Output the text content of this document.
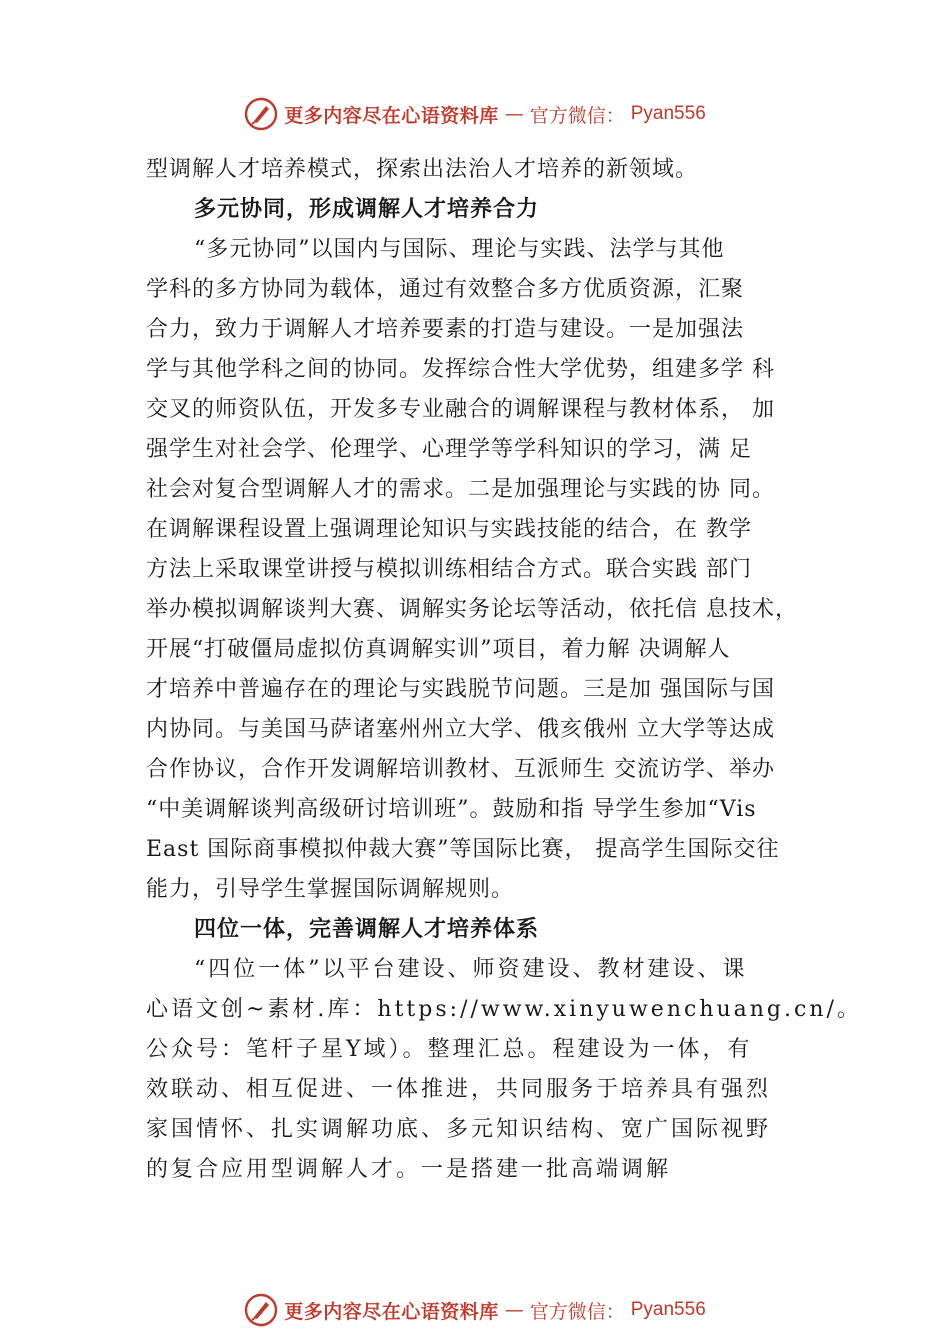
更多内容尽在心语资料库 — 官方微信： Pyan556
型调解人才培养模式，探索出法治人才培养的新领域。
多元协同，形成调解人才培养合力
“多元协同”以国内与国际、理论与实践、法学与其他
学科的多方协同为载体，通过有效整合多方优质资源，汇聚
合力，致力于调解人才培养要素的打造与建设。一是加强法
学与其他学科之间的协同。发挥综合性大学优势，组建多学 科
交叉的师资队伍，开发多专业融合的调解课程与教材体系， 加
强学生对社会学、伦理学、心理学等学科知识的学习，满 足
社会对复合型调解人才的需求。二是加强理论与实践的协 同。
在调解课程设置上强调理论知识与实践技能的结合，在 教学
方法上采取课堂讲授与模拟训练相结合方式。联合实践 部门
举办模拟调解谈判大赛、调解实务论坛等活动，依托信 息技术，
开展“打破僵局虚拟仿真调解实训”项目，着力解 决调解人
才培养中普遍存在的理论与实践脱节问题。三是加 强国际与国
内协同。与美国马萨诸塞州州立大学、俄亥俄州 立大学等达成
合作协议，合作开发调解培训教材、互派师生 交流访学、举办
“中美调解谈判高级研讨培训班”。鼓励和指 导学生参加“Vis
East 国际商事模拟仲裁大赛”等国际比赛， 提高学生国际交往
能力，引导学生掌握国际调解规则。
四位一体，完善调解人才培养体系
“四位一体”以平台建设、师资建设、教材建设、课
心语文创~素材.库：https://www.xinyuwenchuang.cn/。
公众号：笔杆子星Y域）。整理汇总。程建设为一体，有
效联动、相互促进、一体推进，共同服务于培养具有强烈
家国情怀、扎实调解功底、多元知识结构、宽广国际视野
的复合应用型调解人才。一是搭建一批高端调解
更多内容尽在心语资料库 — 官方微信： Pyan556
